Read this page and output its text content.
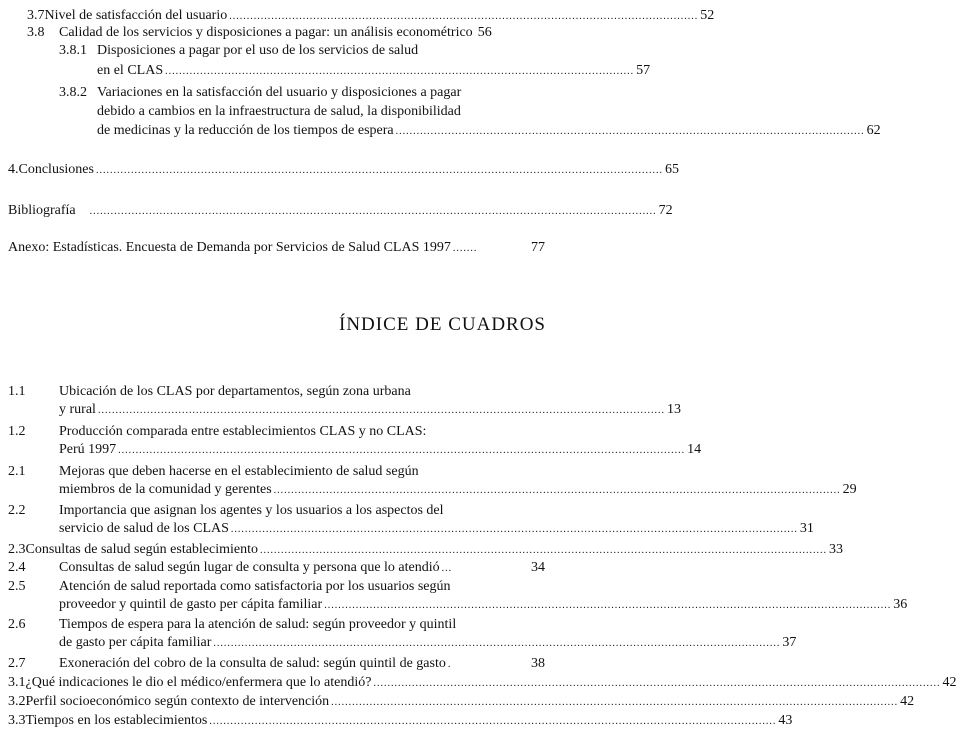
3.7 Nivel de satisfacción del usuario ...................................................................................................................................... 52
3.8	Calidad de los servicios y disposiciones a pagar: un análisis econométrico 56
3.8.1 Disposiciones a pagar por el uso de los servicios de salud
en el CLAS ...................................................................................................................................... 57
3.8.2 Variaciones en la satisfacción del usuario y disposiciones a pagar
debido a cambios en la infraestructura de salud, la disponibilidad
de medicinas y la reducción de los tiempos de espera ...................................................................................................................................... 62
4. Conclusiones .................................................................................................................................................................. 65
Bibliografía .................................................................................................................................................................. 72
Anexo: Estadísticas. Encuesta de Demanda por Servicios de Salud CLAS 1997 .......	77
ÍNDICE DE CUADROS
1.1	Ubicación de los CLAS por departamentos, según zona urbana
y rural .................................................................................................................................................................. 13
1.2	Producción comparada entre establecimientos CLAS y no CLAS:
Perú 1997 .................................................................................................................................................................. 14
2.1	Mejoras que deben hacerse en el establecimiento de salud según
miembros de la comunidad y gerentes .................................................................................................................................................................. 29
2.2	Importancia que asignan los agentes y los usuarios a los aspectos del
servicio de salud de los CLAS .................................................................................................................................................................. 31
2.3 Consultas de salud según establecimiento .................................................................................................................................................................. 33
2.4	Consultas de salud según lugar de consulta y persona que lo atendió ...	34
2.5	Atención de salud reportada como satisfactoria por los usuarios según
proveedor y quintil de gasto per cápita familiar .................................................................................................................................................................. 36
2.6	Tiempos de espera para la atención de salud: según proveedor y quintil
de gasto per cápita familiar .................................................................................................................................................................. 37
2.7	Exoneración del cobro de la consulta de salud: según quintil de gasto .	38
3.1 ¿Qué indicaciones le dio el médico/enfermera que lo atendió? .................................................................................................................................................................. 42
3.2 Perfil socioeconómico según contexto de intervención .................................................................................................................................................................. 42
3.3 Tiempos en los establecimientos .................................................................................................................................................................. 43
